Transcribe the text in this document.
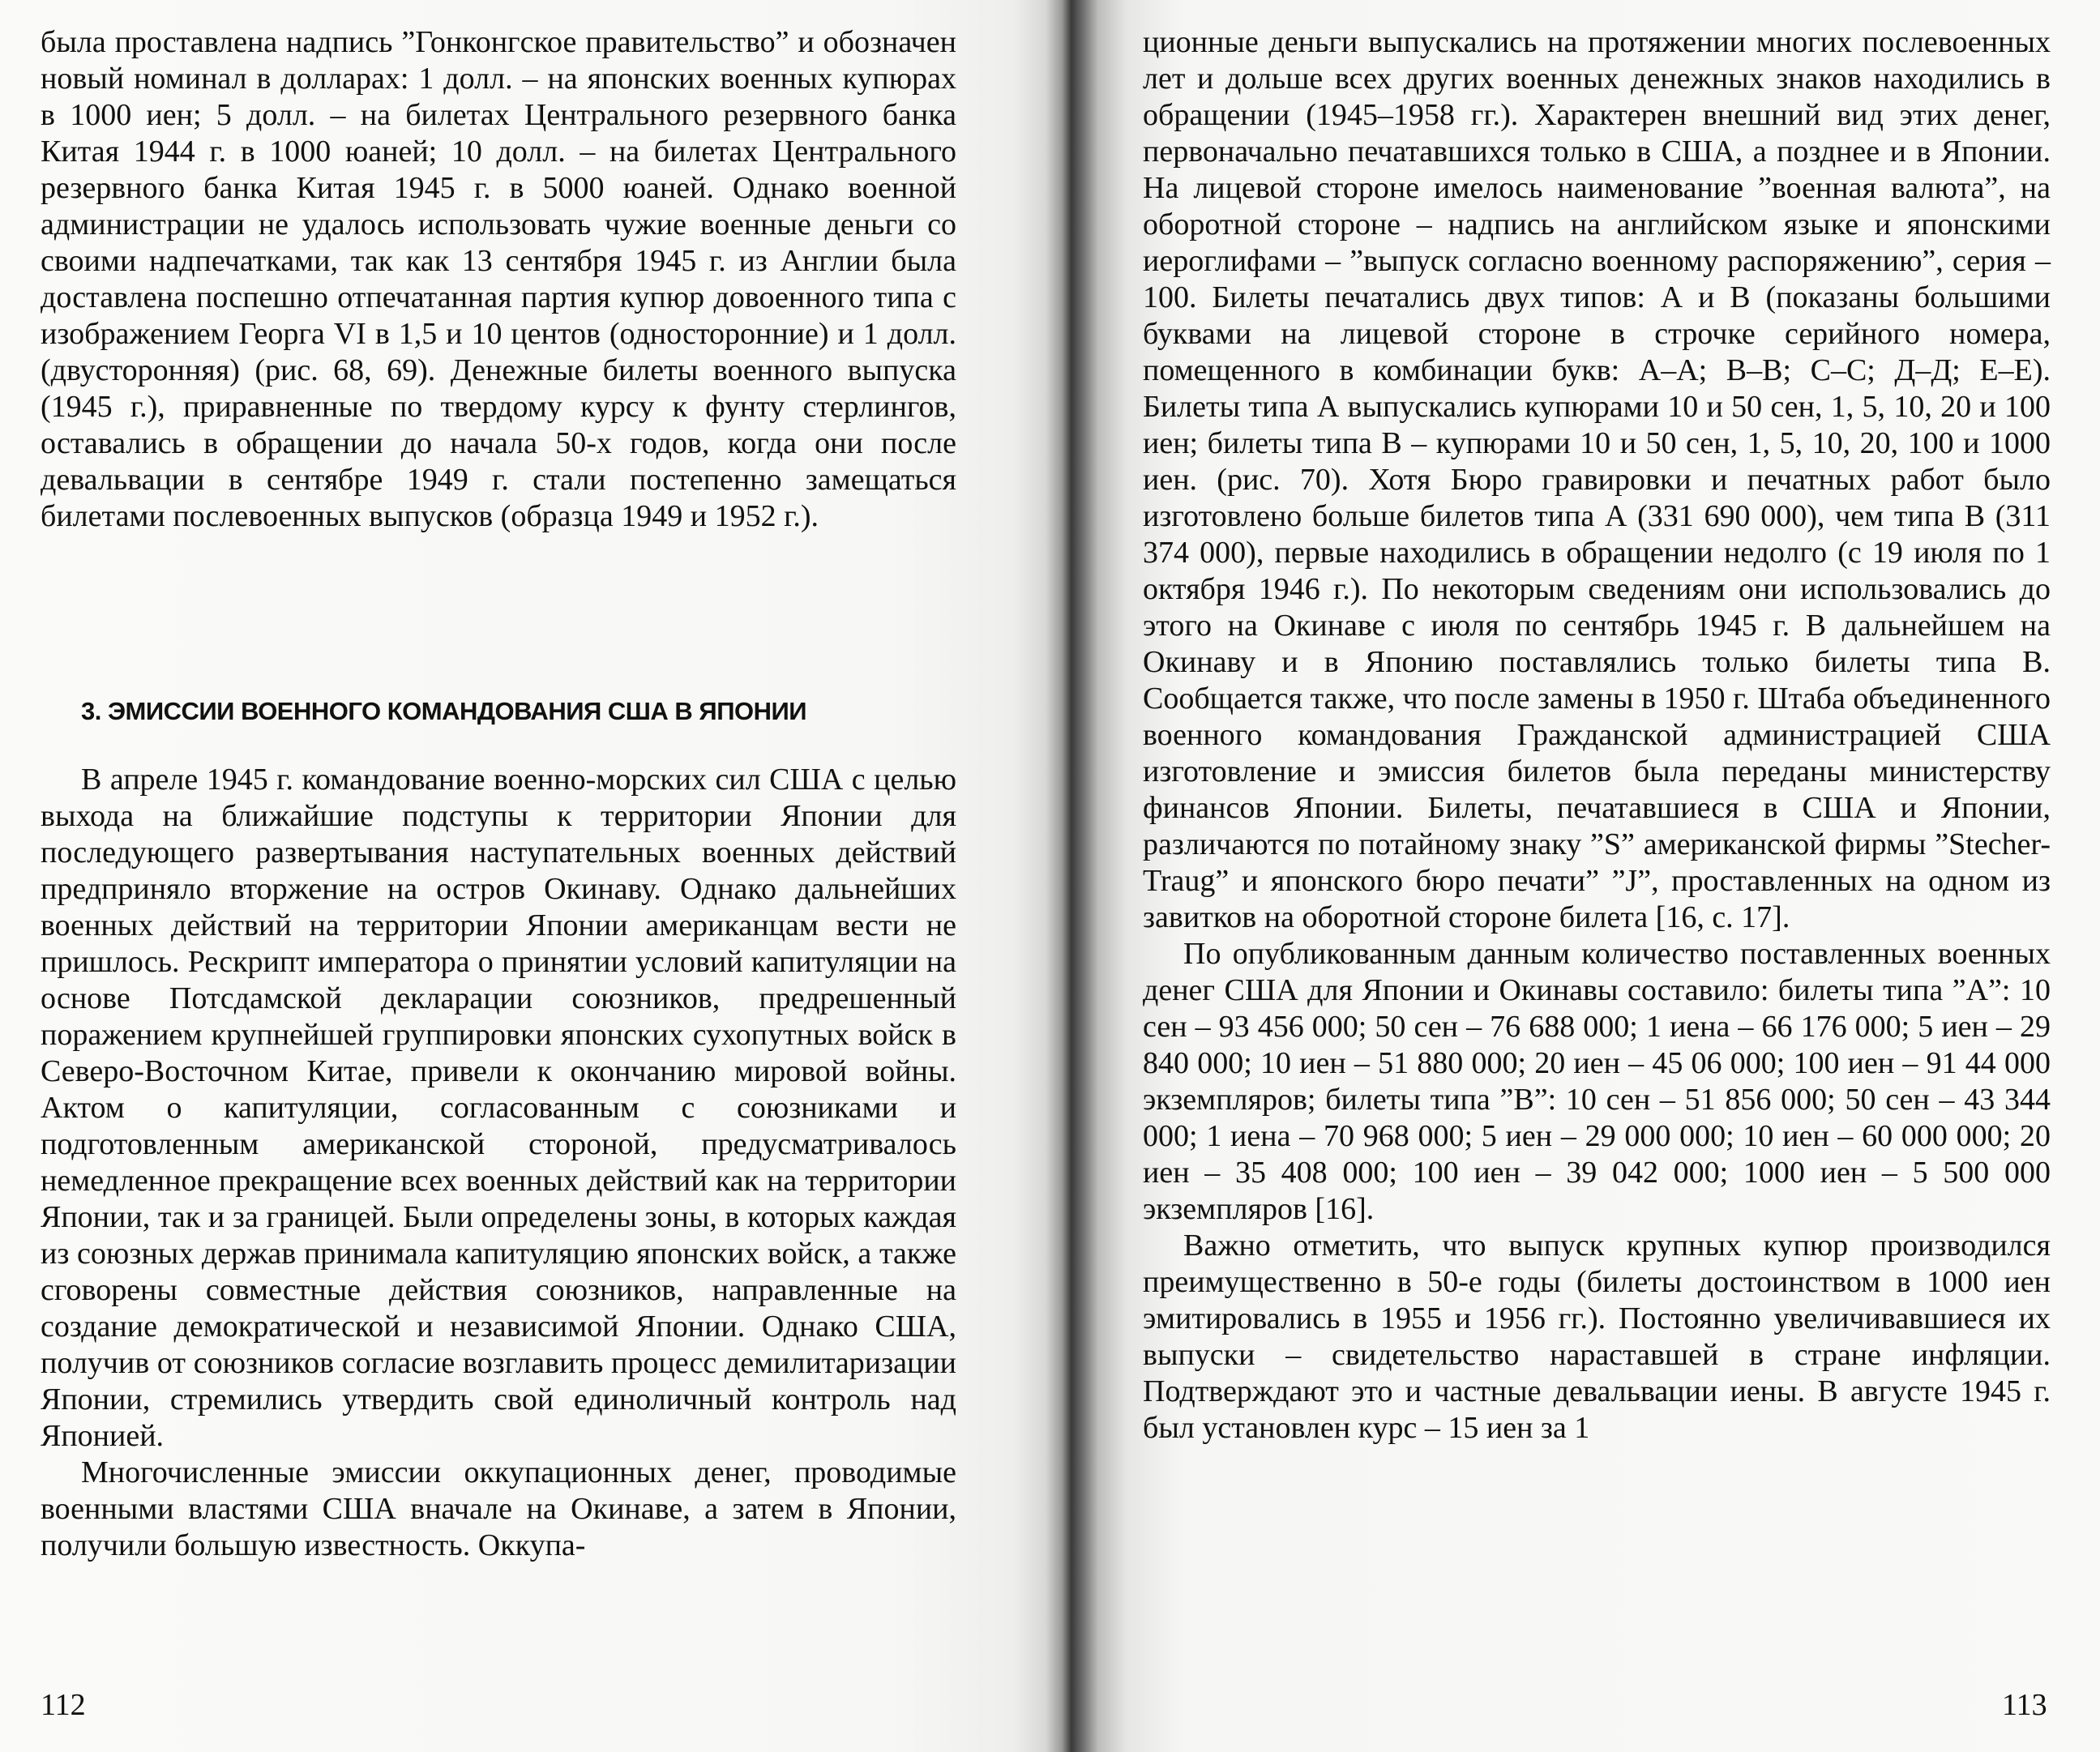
была проставлена надпись ”Гонконгское правительство” и обозначен новый номинал в долларах: 1 долл. – на японских военных купюрах в 1000 иен; 5 долл. – на билетах Центрального резервного банка Китая 1944 г. в 1000 юаней; 10 долл. – на билетах Центрального резервного банка Китая 1945 г. в 5000 юаней. Однако военной администрации не удалось использовать чужие военные деньги со своими надпечатками, так как 13 сентября 1945 г. из Англии была доставлена поспешно отпечатанная партия купюр довоенного типа с изображением Георга VI в 1,5 и 10 центов (односторонние) и 1 долл. (двусторонняя) (рис. 68, 69). Денежные билеты военного выпуска (1945 г.), приравненные по твердому курсу к фунту стерлингов, оставались в обращении до начала 50-х годов, когда они после девальвации в сентябре 1949 г. стали постепенно замещаться билетами послевоенных выпусков (образца 1949 и 1952 г.).

3. ЭМИССИИ ВОЕННОГО КОМАНДОВАНИЯ США В ЯПОНИИ

В апреле 1945 г. командование военно-морских сил США с целью выхода на ближайшие подступы к территории Японии для последующего развертывания наступательных военных действий предприняло вторжение на остров Окинаву. Однако дальнейших военных действий на территории Японии американцам вести не пришлось. Рескрипт императора о принятии условий капитуляции на основе Потсдамской декларации союзников, предрешенный поражением крупнейшей группировки японских сухопутных войск в Северо-Восточном Китае, привели к окончанию мировой войны. Актом о капитуляции, согласованным с союзниками и подготовленным американской стороной, предусматривалось немедленное прекращение всех военных действий как на территории Японии, так и за границей. Были определены зоны, в которых каждая из союзных держав принимала капитуляцию японских войск, а также сговорены совместные действия союзников, направленные на создание демократической и независимой Японии. Однако США, получив от союзников согласие возглавить процесс демилитаризации Японии, стремились утвердить свой единоличный контроль над Японией.

Многочисленные эмиссии оккупационных денег, проводимые военными властями США вначале на Окинаве, а затем в Японии, получили большую известность. Оккупа-

112

ционные деньги выпускались на протяжении многих послевоенных лет и дольше всех других военных денежных знаков находились в обращении (1945–1958 гг.). Характерен внешний вид этих денег, первоначально печатавшихся только в США, а позднее и в Японии. На лицевой стороне имелось наименование ”военная валюта”, на оборотной стороне – надпись на английском языке и японскими иероглифами – ”выпуск согласно военному распоряжению”, серия – 100. Билеты печатались двух типов: А и В (показаны большими буквами на лицевой стороне в строчке серийного номера, помещенного в комбинации букв: А–А; В–В; С–С; Д–Д; Е–Е). Билеты типа А выпускались купюрами 10 и 50 сен, 1, 5, 10, 20 и 100 иен; билеты типа В – купюрами 10 и 50 сен, 1, 5, 10, 20, 100 и 1000 иен. (рис. 70). Хотя Бюро гравировки и печатных работ было изготовлено больше билетов типа А (331 690 000), чем типа В (311 374 000), первые находились в обращении недолго (с 19 июля по 1 октября 1946 г.). По некоторым сведениям они использовались до этого на Окинаве с июля по сентябрь 1945 г. В дальнейшем на Окинаву и в Японию поставлялись только билеты типа В. Сообщается также, что после замены в 1950 г. Штаба объединенного военного командования Гражданской администрацией США изготовление и эмиссия билетов была переданы министерству финансов Японии. Билеты, печатавшиеся в США и Японии, различаются по потайному знаку ”S” американской фирмы ”Stecher-Traug” и японского бюро печати” ”J”, проставленных на одном из завитков на оборотной стороне билета [16, с. 17].

По опубликованным данным количество поставленных военных денег США для Японии и Окинавы составило: билеты типа ”А”: 10 сен – 93 456 000; 50 сен – 76 688 000; 1 иена – 66 176 000; 5 иен – 29 840 000; 10 иен – 51 880 000; 20 иен – 45 06 000; 100 иен – 91 44 000 экземпляров; билеты типа ”В”: 10 сен – 51 856 000; 50 сен – 43 344 000; 1 иена – 70 968 000; 5 иен – 29 000 000; 10 иен – 60 000 000; 20 иен – 35 408 000; 100 иен – 39 042 000; 1000 иен – 5 500 000 экземпляров [16].

Важно отметить, что выпуск крупных купюр производился преимущественно в 50-е годы (билеты достоинством в 1000 иен эмитировались в 1955 и 1956 гг.). Постоянно увеличивавшиеся их выпуски – свидетельство нараставшей в стране инфляции. Подтверждают это и частные девальвации иены. В августе 1945 г. был установлен курс – 15 иен за 1

113
